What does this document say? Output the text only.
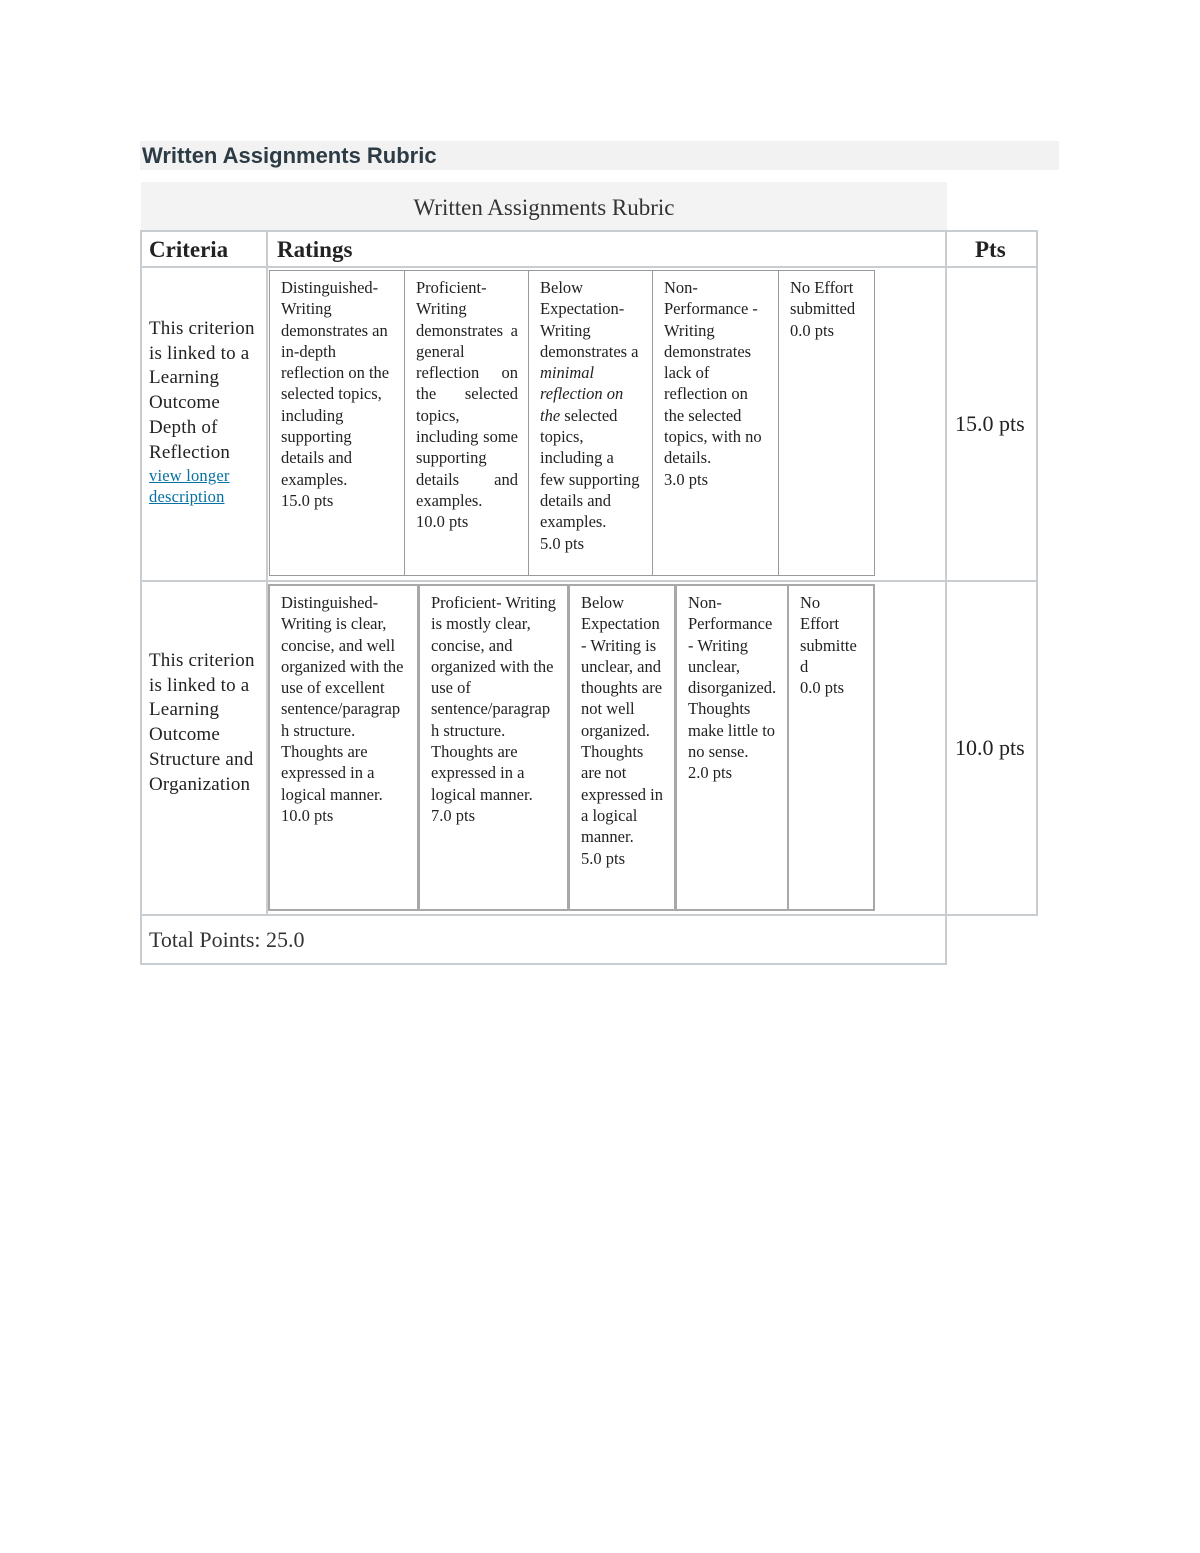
Written Assignments Rubric
Written Assignments Rubric
Criteria Ratings	Pts
This criterion is linked to a Learning Outcome Depth of Reflection
view longer description
Distinguished- Writing demonstrates an in-depth reflection on the selected topics, including supporting details and examples.
15.0 pts
Proficient- Writing demonstrates a general reflection on the selected topics, including some supporting details and examples.
10.0 pts
Below Expectation- Writing demonstrates a minimal reflection on the selected topics, including a few supporting details and examples.
5.0 pts
Non-Performance - Writing demonstrates lack of reflection on the selected topics, with no details.
3.0 pts
No Effort submitted
0.0 pts
15.0 pts
This criterion is linked to a Learning Outcome Structure and Organization
Distinguished- Writing is clear, concise, and well organized with the use of excellent sentence/paragraph structure. Thoughts are expressed in a logical manner.
10.0 pts
Proficient- Writing is mostly clear, concise, and organized with the use of sentence/paragraph structure. Thoughts are expressed in a logical manner.
7.0 pts
Below Expectation- Writing is unclear, and thoughts are not well organized. Thoughts are not expressed in a logical manner.
5.0 pts
Non-Performance- Writing unclear, disorganized. Thoughts make little to no sense.
2.0 pts
No Effort submitted
0.0 pts
10.0 pts
Total Points: 25.0
